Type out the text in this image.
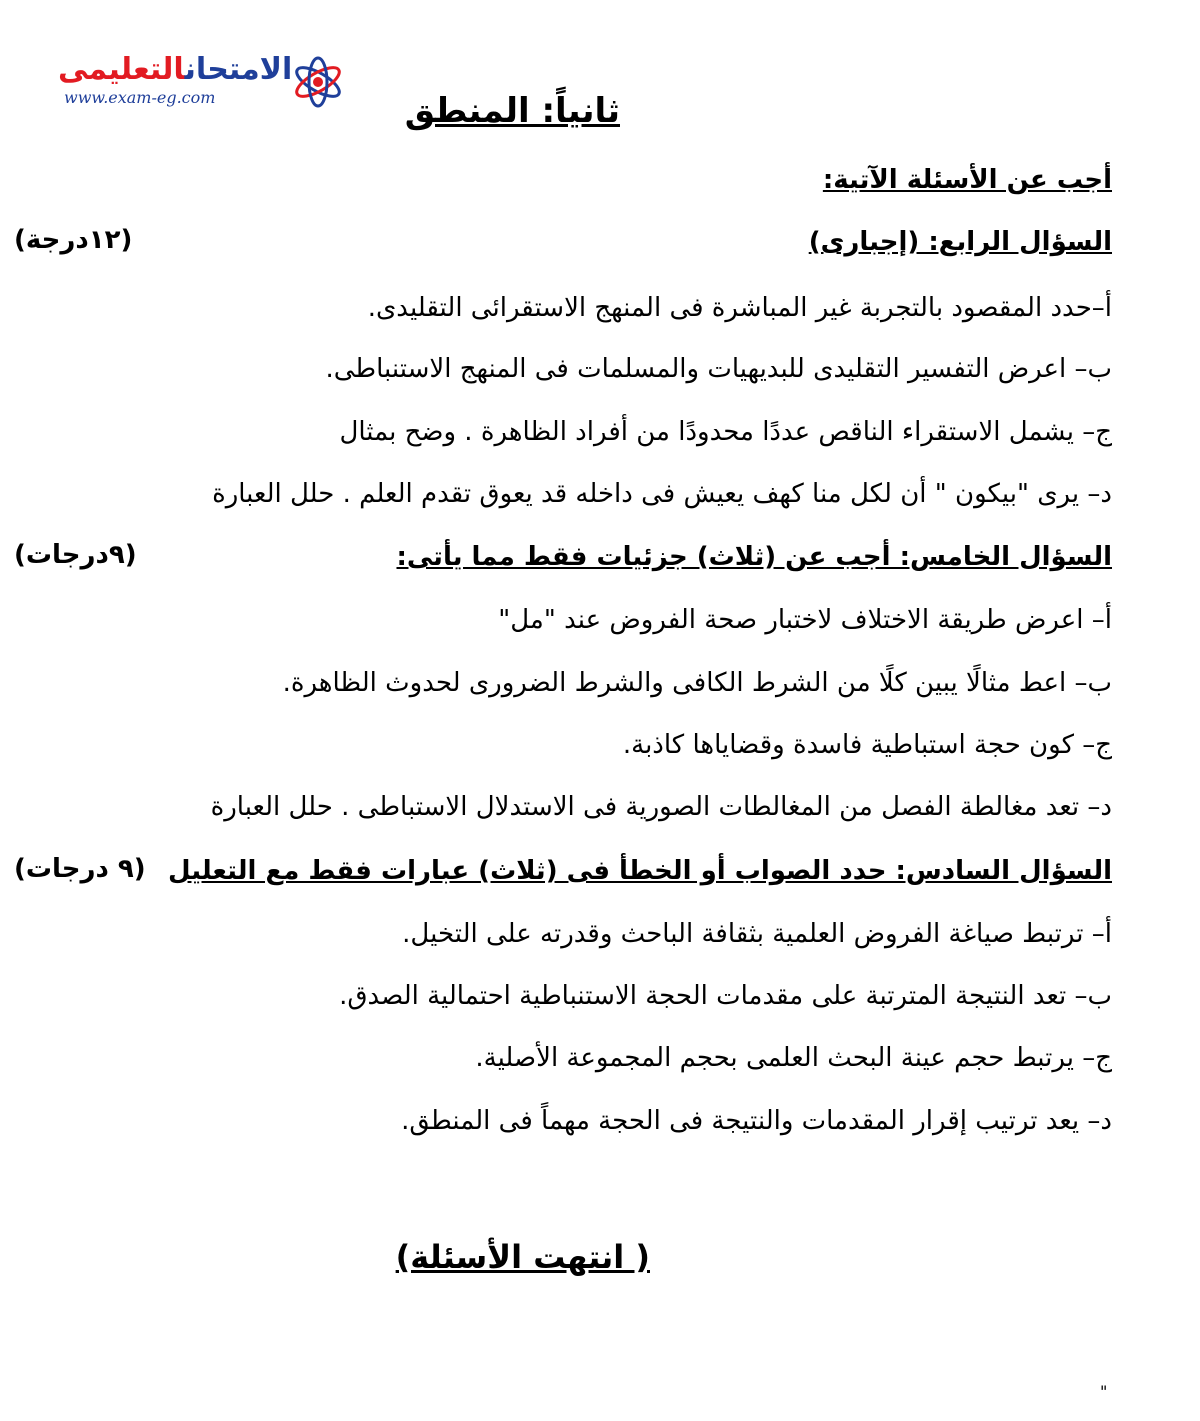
الامتحانالتعليمى
www.exam-eg.com	ثانياً: المنطق
أجب عن الأسئلة الآتية:
السؤال الرابع: (إجبارى)
(١٢درجة)
أ–حدد المقصود بالتجربة غير المباشرة فى المنهج الاستقرائى التقليدى.
ب– اعرض التفسير التقليدى للبديهيات والمسلمات فى المنهج الاستنباطى.
ج– يشمل الاستقراء الناقص عددًا محدودًا من أفراد الظاهرة . وضح بمثال
د– يرى "بيكون " أن لكل منا كهف يعيش فى داخله قد يعوق تقدم العلم . حلل العبارة
السؤال الخامس: أجب عن (ثلاث) جزئيات فقط مما يأتى:
(٩درجات)
أ– اعرض طريقة الاختلاف لاختبار صحة الفروض عند "مل"
ب– اعط مثالًا يبين كلًا من الشرط الكافى والشرط الضرورى لحدوث الظاهرة.
ج– كون حجة استباطية فاسدة وقضاياها كاذبة.
د– تعد مغالطة الفصل من المغالطات الصورية فى الاستدلال الاستباطى . حلل العبارة
السؤال السادس: حدد الصواب أو الخطأ فى (ثلاث) عبارات فقط مع التعليل
(٩ درجات)
أ– ترتبط صياغة الفروض العلمية بثقافة الباحث وقدرته على التخيل.
ب– تعد النتيجة المترتبة على مقدمات الحجة الاستنباطية احتمالية الصدق.
ج– يرتبط حجم عينة البحث العلمى بحجم المجموعة الأصلية.
د– يعد ترتيب إقرار المقدمات والنتيجة فى الحجة مهماً فى المنطق.
( انتهت الأسئلة)
"
